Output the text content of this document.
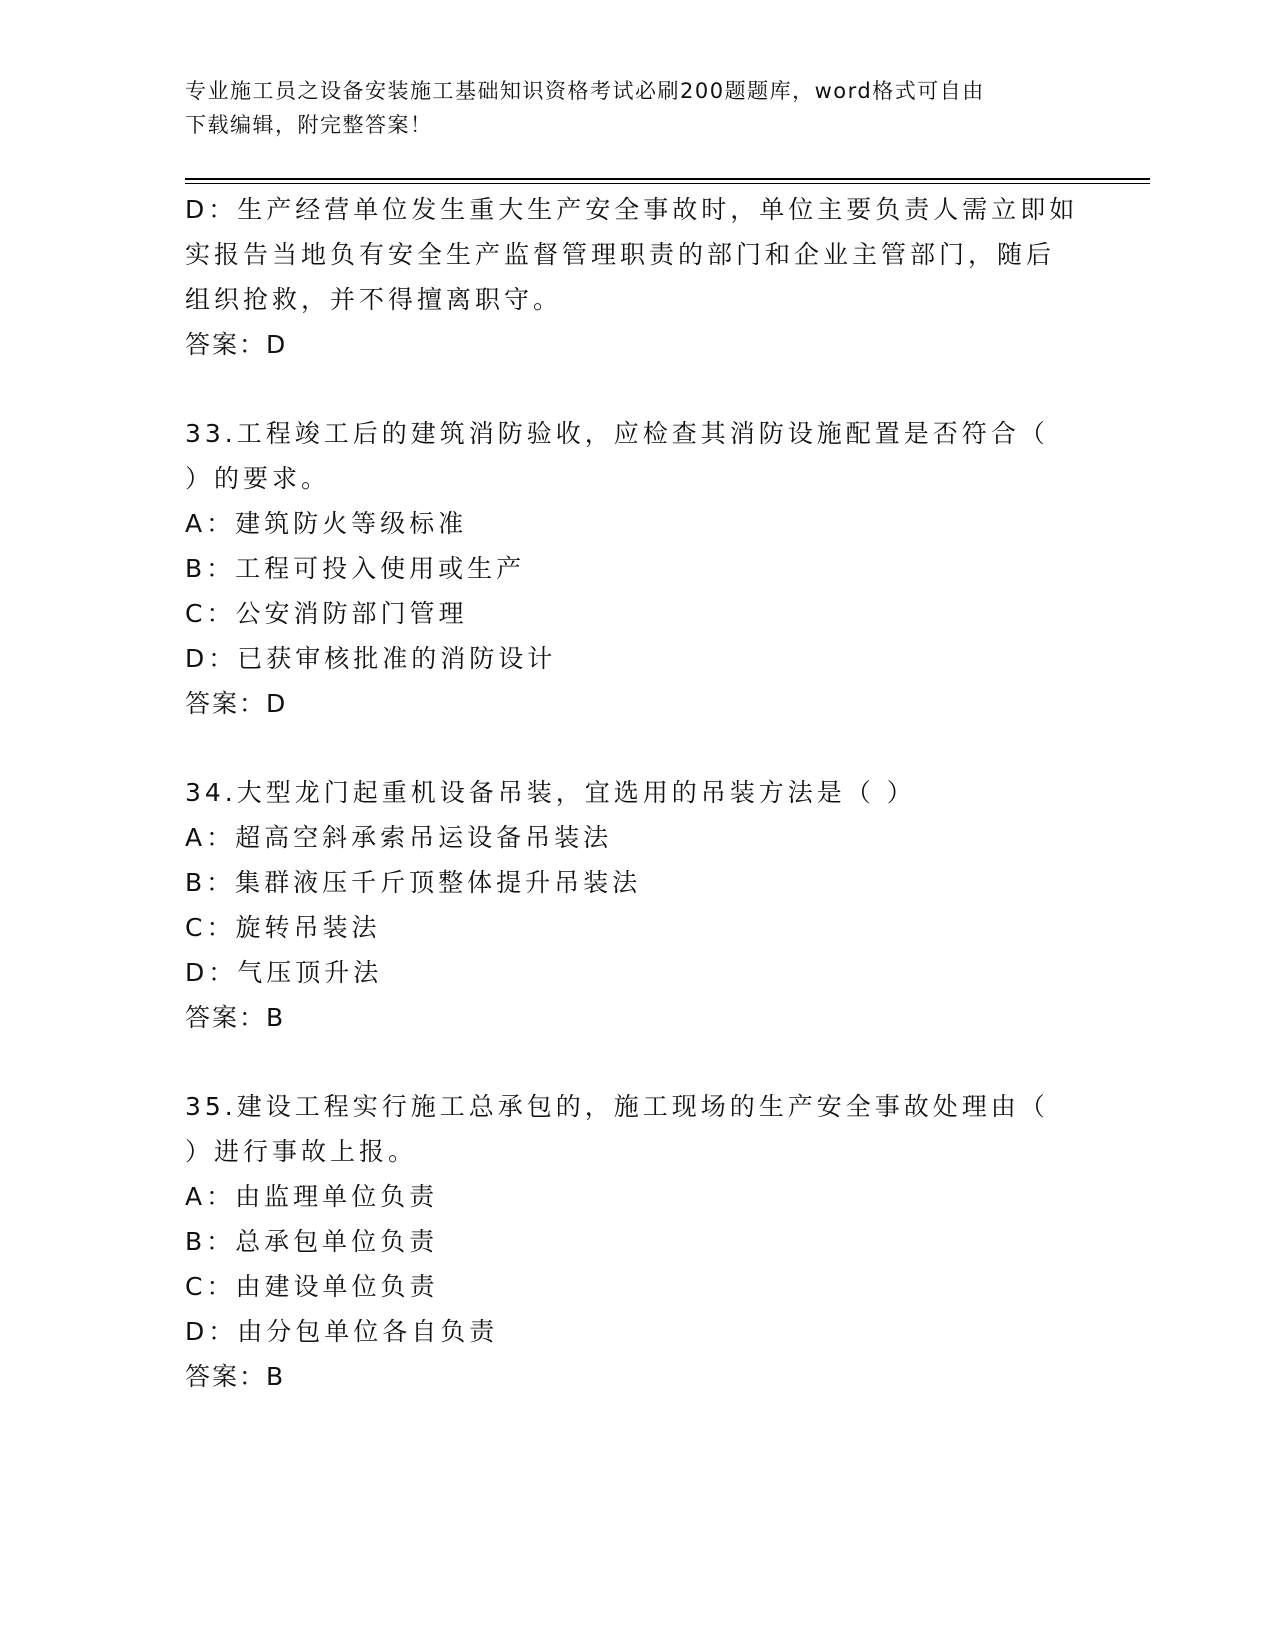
专业施工员之设备安装施工基础知识资格考试必刷200题题库，word格式可自由
下载编辑，附完整答案！
D：生产经营单位发生重大生产安全事故时，单位主要负责人需立即如
实报告当地负有安全生产监督管理职责的部门和企业主管部门，随后
组织抢救，并不得擅离职守。
答案：D
33.工程竣工后的建筑消防验收，应检查其消防设施配置是否符合（
）的要求。
A：建筑防火等级标准
B：工程可投入使用或生产
C：公安消防部门管理
D：已获审核批准的消防设计
答案：D
34.大型龙门起重机设备吊装，宜选用的吊装方法是（ ）
A：超高空斜承索吊运设备吊装法
B：集群液压千斤顶整体提升吊装法
C：旋转吊装法
D：气压顶升法
答案：B
35.建设工程实行施工总承包的，施工现场的生产安全事故处理由（
）进行事故上报。
A：由监理单位负责
B：总承包单位负责
C：由建设单位负责
D：由分包单位各自负责
答案：B
